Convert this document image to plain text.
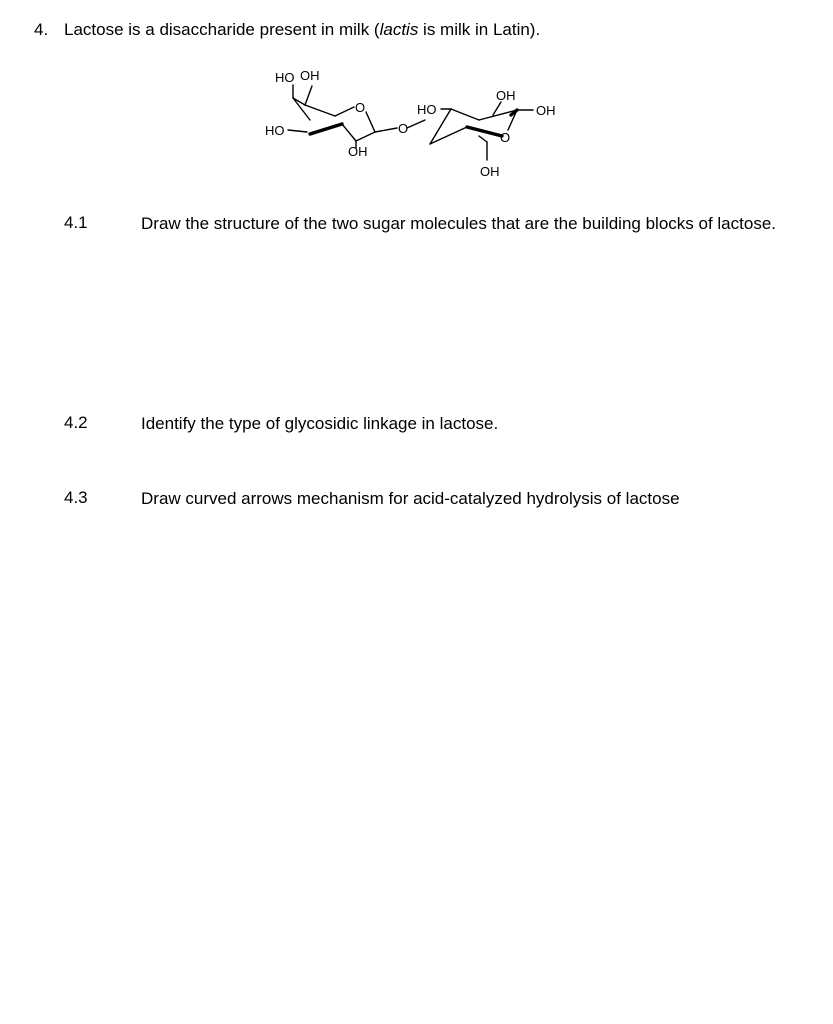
4. Lactose is a disaccharide present in milk (lactis is milk in Latin).
HO OH
O
HO
OH
O
HO
OH
OH
O
OH
4.1	Draw the structure of the two sugar molecules that are the building blocks of lactose.
4.2	Identify the type of glycosidic linkage in lactose.
4.3	Draw curved arrows mechanism for acid-catalyzed hydrolysis of lactose
